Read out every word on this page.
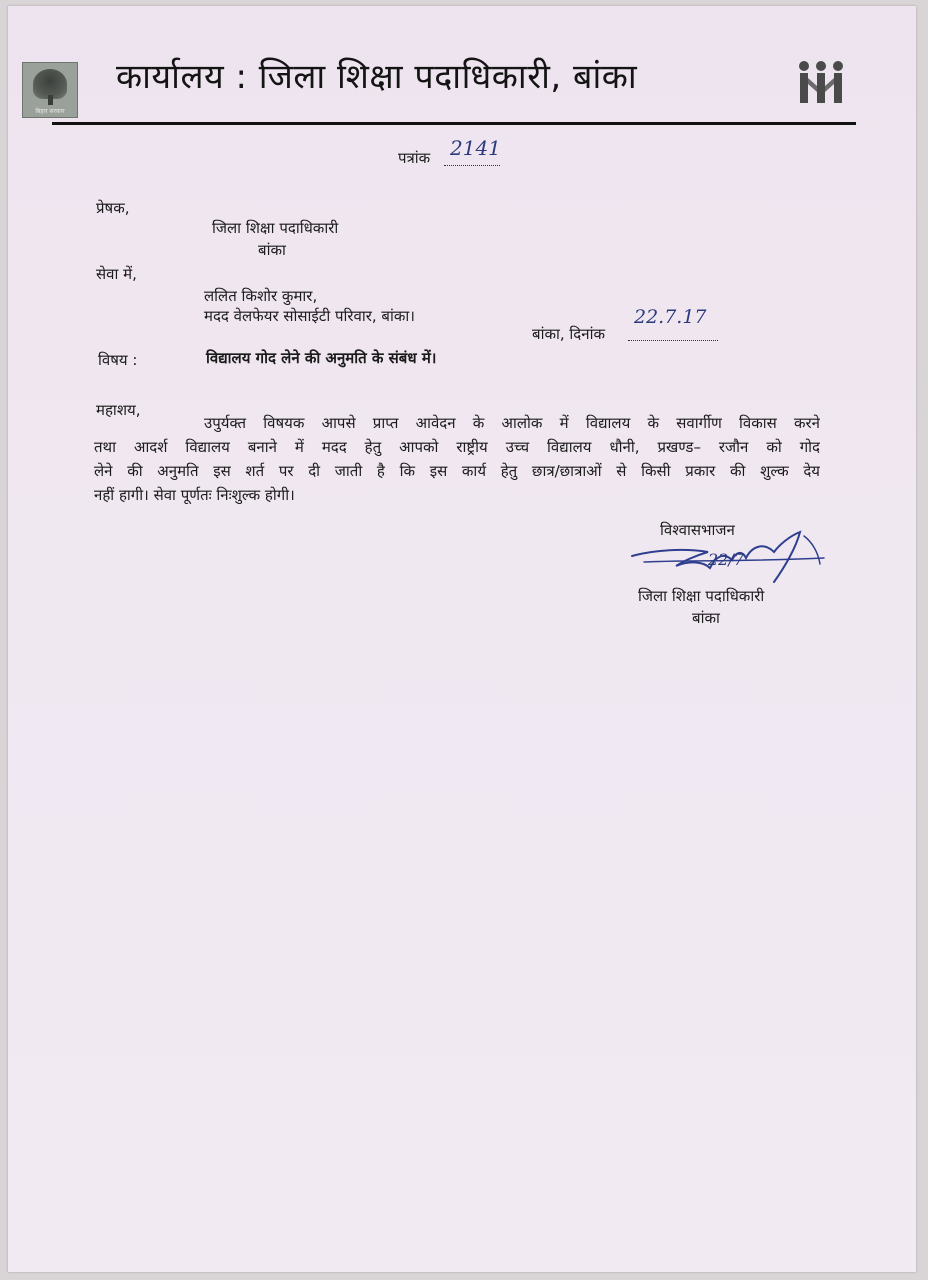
बिहार सरकार
कार्यालय : जिला शिक्षा पदाधिकारी, बांका
पत्रांक 2141
प्रेषक,
जिला शिक्षा पदाधिकारी
बांका
सेवा में,
ललित किशोर कुमार,
मदद वेलफेयर सोसाईटी परिवार, बांका।
बांका, दिनांक
22.7.17
विषय :	विद्यालय गोद लेने की अनुमति के संबंध में।
महाशय,
उपुर्यक्त विषयक आपसे प्राप्त आवेदन के आलोक में विद्यालय के सवार्गीण विकास करने
तथा आदर्श विद्यालय बनाने में मदद हेतु आपको राष्ट्रीय उच्च विद्यालय धौनी, प्रखण्ड– रजौन को गोद
लेने की अनुमति इस शर्त पर दी जाती है कि इस कार्य हेतु छात्र/छात्राओं से किसी प्रकार की शुल्क देय
नहीं हागी। सेवा पूर्णतः निःशुल्क होगी।
विश्वासभाजन
22/7
जिला शिक्षा पदाधिकारी
बांका
